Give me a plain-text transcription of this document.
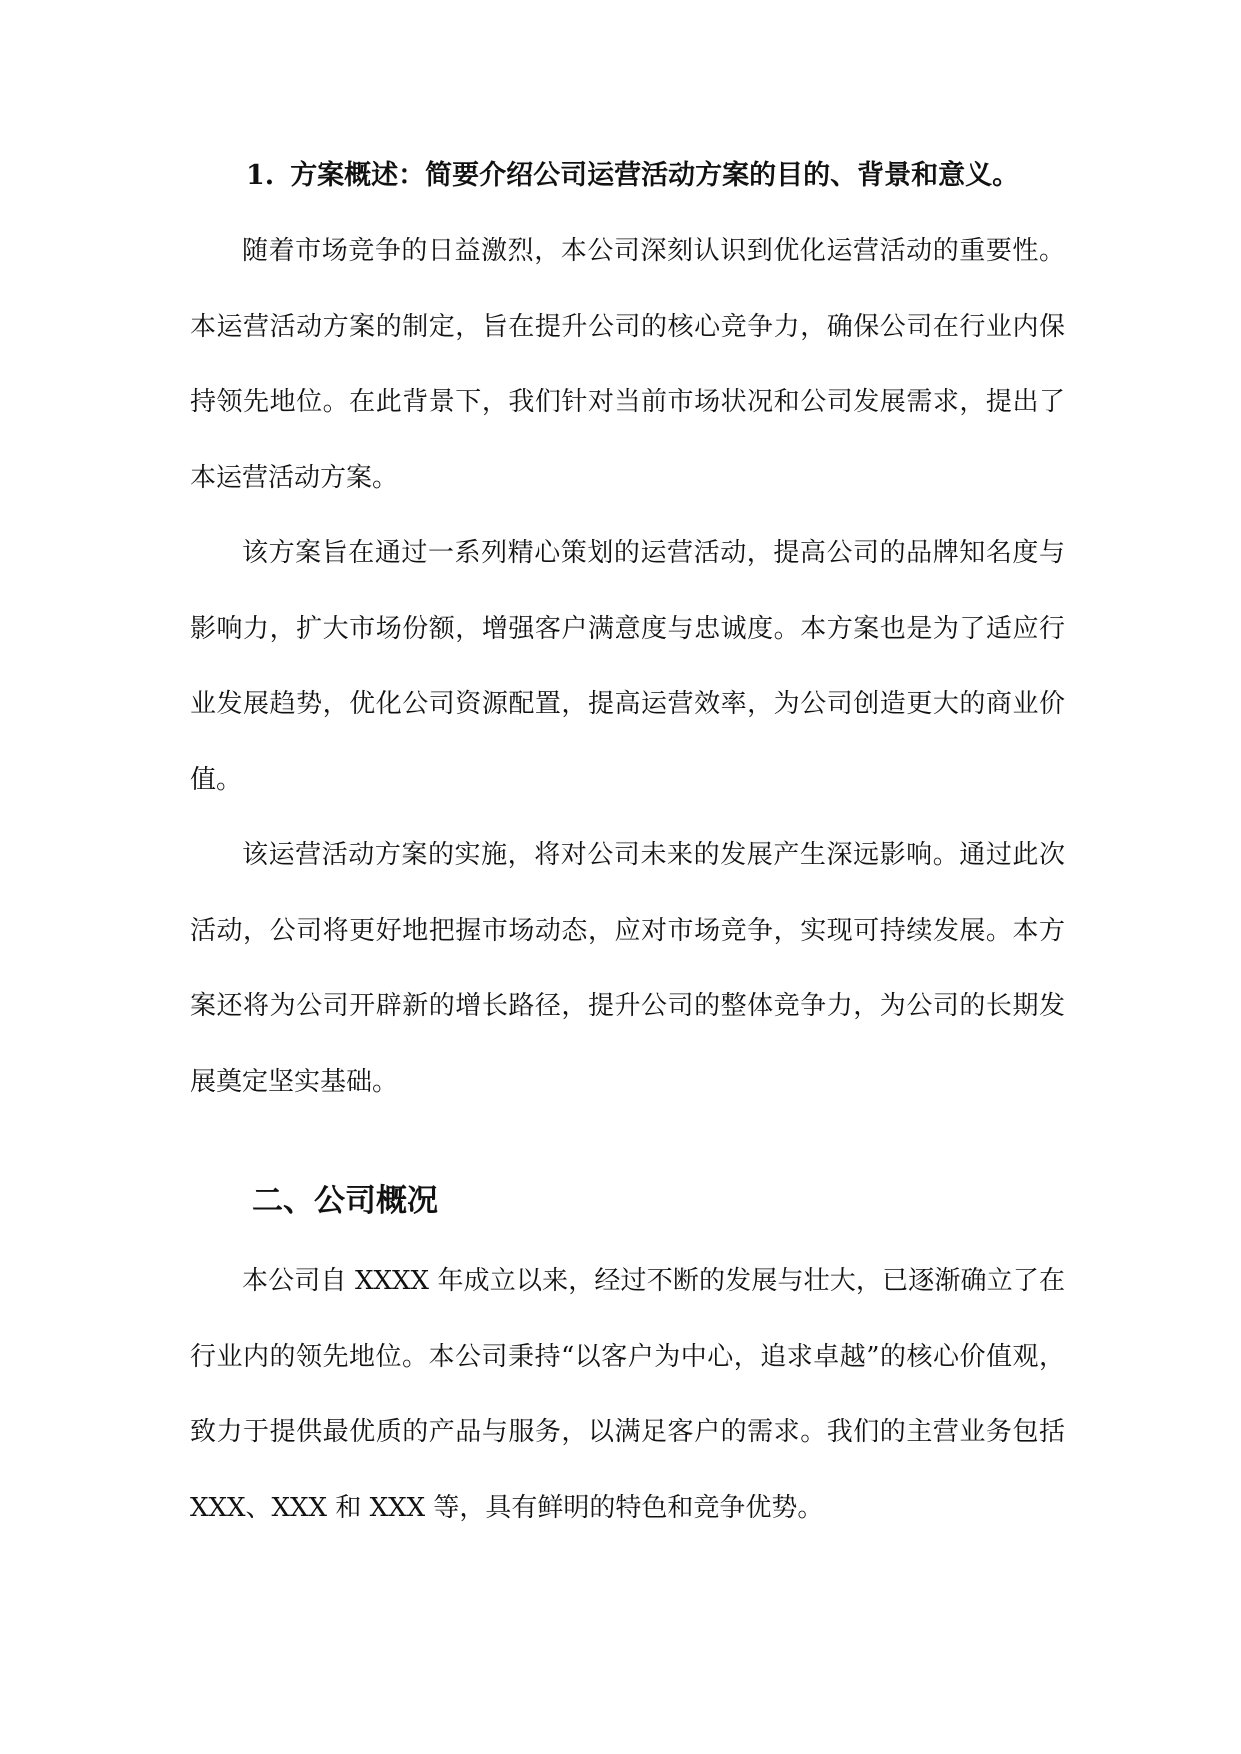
1. 方案概述：简要介绍公司运营活动方案的目的、背景和意义。

随着市场竞争的日益激烈，本公司深刻认识到优化运营活动的重要性。本运营活动方案的制定，旨在提升公司的核心竞争力，确保公司在行业内保持领先地位。在此背景下，我们针对当前市场状况和公司发展需求，提出了本运营活动方案。

该方案旨在通过一系列精心策划的运营活动，提高公司的品牌知名度与影响力，扩大市场份额，增强客户满意度与忠诚度。本方案也是为了适应行业发展趋势，优化公司资源配置，提高运营效率，为公司创造更大的商业价值。

该运营活动方案的实施，将对公司未来的发展产生深远影响。通过此次活动，公司将更好地把握市场动态，应对市场竞争，实现可持续发展。本方案还将为公司开辟新的增长路径，提升公司的整体竞争力，为公司的长期发展奠定坚实基础。

二、公司概况

本公司自 XXXX 年成立以来，经过不断的发展与壮大，已逐渐确立了在行业内的领先地位。本公司秉持“以客户为中心，追求卓越”的核心价值观，致力于提供最优质的产品与服务，以满足客户的需求。我们的主营业务包括 XXX、XXX 和 XXX 等，具有鲜明的特色和竞争优势。
